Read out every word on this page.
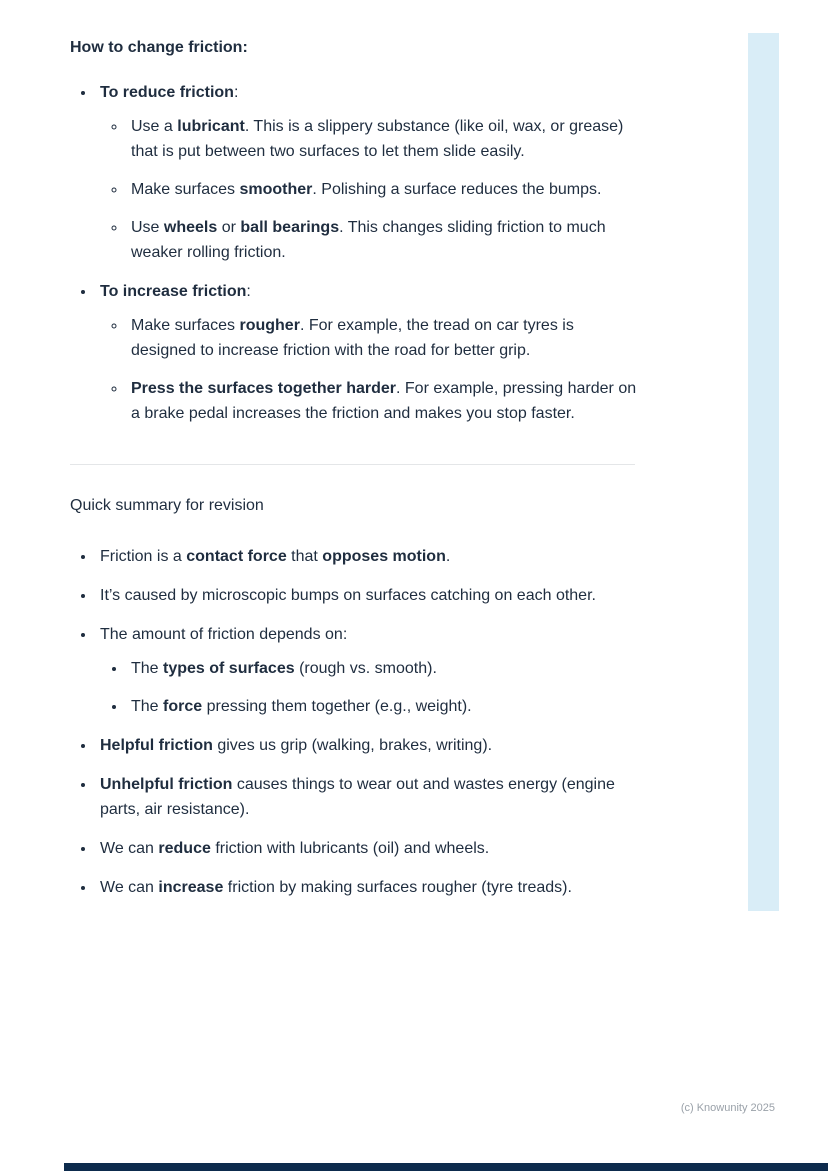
How to change friction:
• To reduce friction:
◦ Use a lubricant. This is a slippery substance (like oil, wax, or grease) that is put between two surfaces to let them slide easily.
◦ Make surfaces smoother. Polishing a surface reduces the bumps.
◦ Use wheels or ball bearings. This changes sliding friction to much weaker rolling friction.
• To increase friction:
◦ Make surfaces rougher. For example, the tread on car tyres is designed to increase friction with the road for better grip.
◦ Press the surfaces together harder. For example, pressing harder on a brake pedal increases the friction and makes you stop faster.

Quick summary for revision

• Friction is a contact force that opposes motion.
• It’s caused by microscopic bumps on surfaces catching on each other.
• The amount of friction depends on:
• The types of surfaces (rough vs. smooth).
• The force pressing them together (e.g., weight).
• Helpful friction gives us grip (walking, brakes, writing).
• Unhelpful friction causes things to wear out and wastes energy (engine parts, air resistance).
• We can reduce friction with lubricants (oil) and wheels.
• We can increase friction by making surfaces rougher (tyre treads).
(c) Knowunity 2025
